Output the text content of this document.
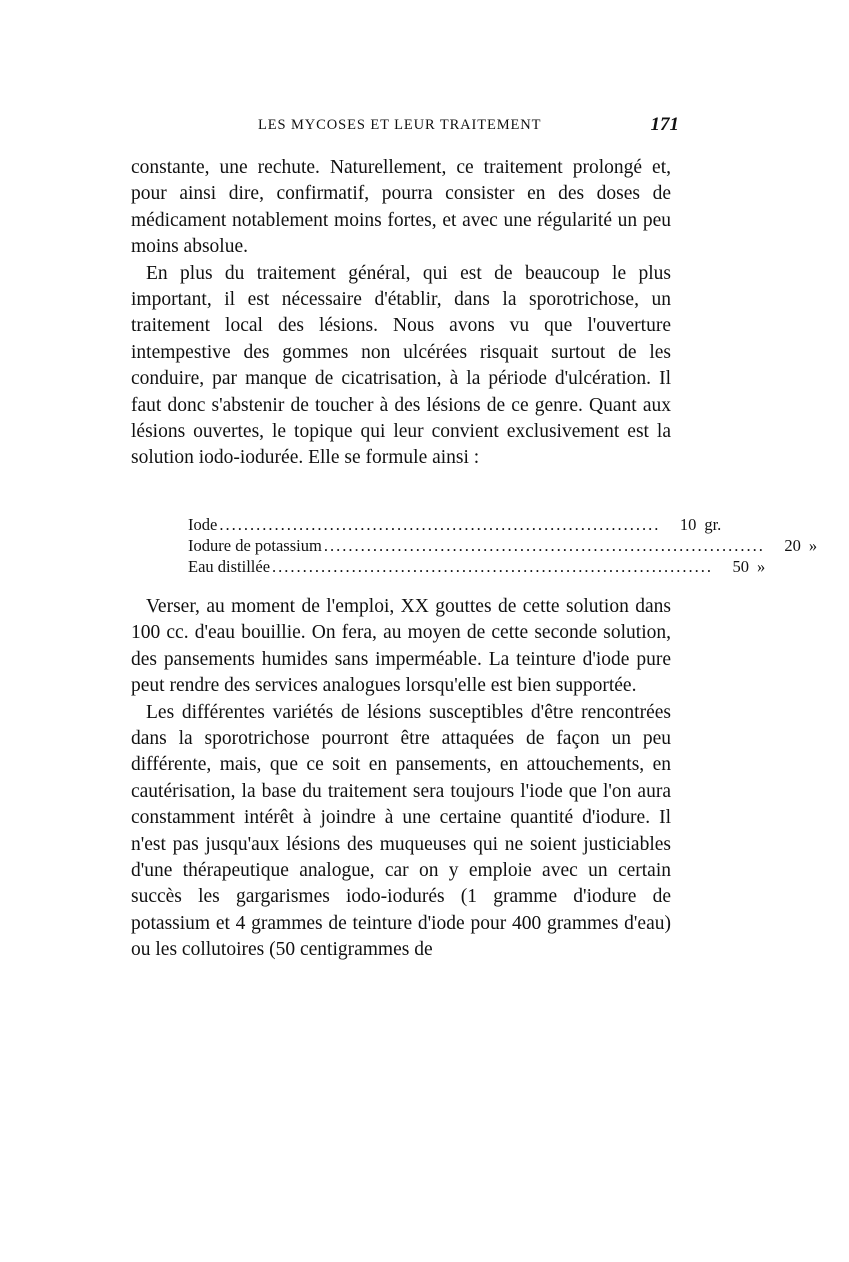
LES MYCOSES ET LEUR TRAITEMENT	171

constante, une rechute. Naturellement, ce traitement prolongé et, pour ainsi dire, confirmatif, pourra consister en des doses de médicament notablement moins fortes, et avec une régularité un peu moins absolue.

En plus du traitement général, qui est de beaucoup le plus important, il est nécessaire d'établir, dans la sporotrichose, un traitement local des lésions. Nous avons vu que l'ouverture intempestive des gommes non ulcérées risquait surtout de les conduire, par manque de cicatrisation, à la période d'ulcération. Il faut donc s'abstenir de toucher à des lésions de ce genre. Quant aux lésions ouvertes, le topique qui leur convient exclusivement est la solution iodo-iodurée. Elle se formule ainsi :

Iode ........................................................................	10 gr.
Iodure de potassium ........................................................................	20 »
Eau distillée ........................................................................	50 »

Verser, au moment de l'emploi, XX gouttes de cette solution dans 100 cc. d'eau bouillie. On fera, au moyen de cette seconde solution, des pansements humides sans imperméable. La teinture d'iode pure peut rendre des services analogues lorsqu'elle est bien supportée.

Les différentes variétés de lésions susceptibles d'être rencontrées dans la sporotrichose pourront être attaquées de façon un peu différente, mais, que ce soit en pansements, en attouchements, en cautérisation, la base du traitement sera toujours l'iode que l'on aura constamment intérêt à joindre à une certaine quantité d'iodure. Il n'est pas jusqu'aux lésions des muqueuses qui ne soient justiciables d'une thérapeutique analogue, car on y emploie avec un certain succès les gargarismes iodo-iodurés (1 gramme d'iodure de potassium et 4 grammes de teinture d'iode pour 400 grammes d'eau) ou les collutoires (50 centigrammes de
